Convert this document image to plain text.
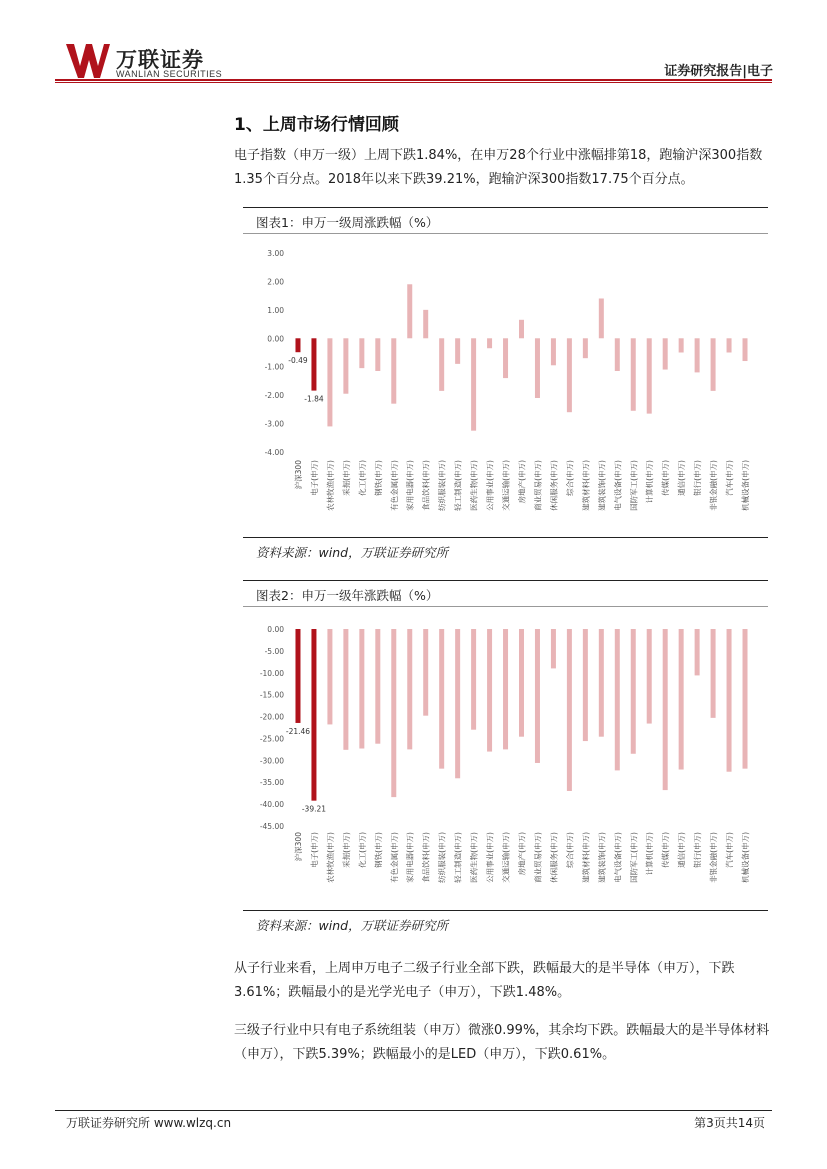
万联证券
WANLIAN SECURITIES	证券研究报告|电子
1、上周市场行情回顾
电子指数（申万一级）上周下跌1.84%，在申万28个行业中涨幅排第18，跑输沪深300指数1.35个百分点。2018年以来下跌39.21%，跑输沪深300指数17.75个百分点。
图表1：申万一级周涨跌幅（%）
3.00
2.00
1.00
0.00
-1.00
-2.00
-3.00
-4.00
沪深300 电子(申万) 农林牧渔(申万) 采掘(申万) 化工(申万) 钢铁(申万) 有色金属(申万) 家用电器(申万) 食品饮料(申万) 纺织服装(申万) 轻工制造(申万) 医药生物(申万) 公用事业(申万) 交通运输(申万) 房地产(申万) 商业贸易(申万) 休闲服务(申万) 综合(申万) 建筑材料(申万) 建筑装饰(申万) 电气设备(申万) 国防军工(申万) 计算机(申万) 传媒(申万) 通信(申万) 银行(申万) 非银金融(申万) 汽车(申万) 机械设备(申万)
-0.49
-1.84
资料来源：wind，万联证券研究所
图表2：申万一级年涨跌幅（%）
0.00
-5.00
-10.00
-15.00
-20.00
-25.00
-30.00
-35.00
-40.00
-45.00
沪深300 电子(申万) 农林牧渔(申万) 采掘(申万) 化工(申万) 钢铁(申万) 有色金属(申万) 家用电器(申万) 食品饮料(申万) 纺织服装(申万) 轻工制造(申万) 医药生物(申万) 公用事业(申万) 交通运输(申万) 房地产(申万) 商业贸易(申万) 休闲服务(申万) 综合(申万) 建筑材料(申万) 建筑装饰(申万) 电气设备(申万) 国防军工(申万) 计算机(申万) 传媒(申万) 通信(申万) 银行(申万) 非银金融(申万) 汽车(申万) 机械设备(申万)
-21.46
-39.21
资料来源：wind，万联证券研究所
从子行业来看，上周申万电子二级子行业全部下跌，跌幅最大的是半导体（申万），下跌3.61%；跌幅最小的是光学光电子（申万），下跌1.48%。
三级子行业中只有电子系统组装（申万）微涨0.99%，其余均下跌。跌幅最大的是半导体材料（申万），下跌5.39%；跌幅最小的是LED（申万），下跌0.61%。
万联证券研究所 www.wlzq.cn	第3页共14页
